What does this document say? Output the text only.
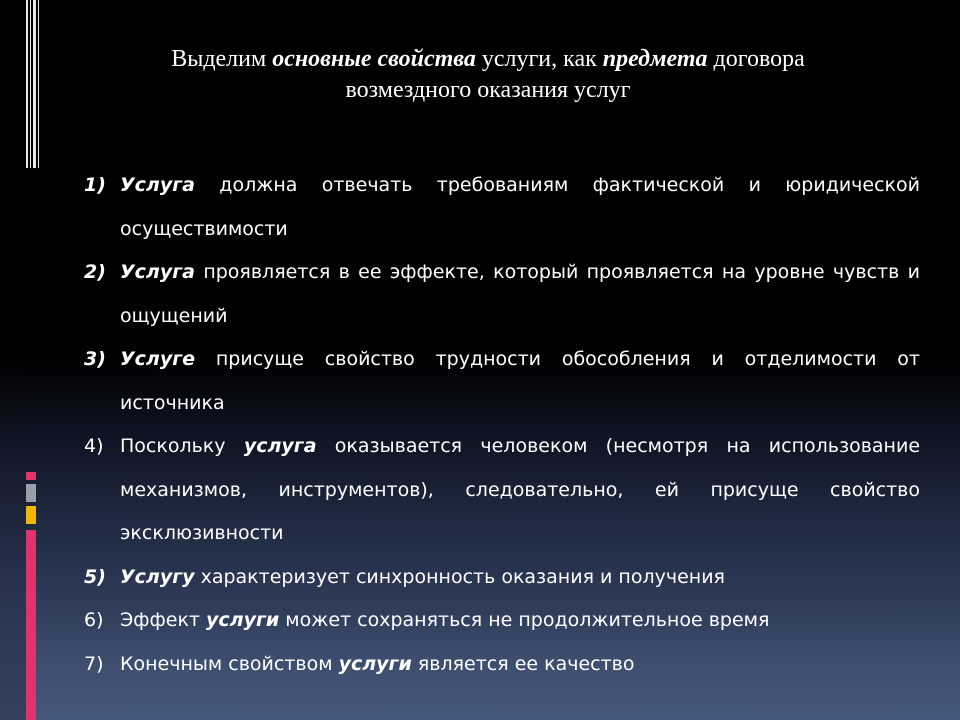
Выделим основные свойства услуги, как предмета договора
возмездного оказания услуг
1) Услуга должна отвечать требованиям фактической и юридической осуществимости
2) Услуга проявляется в ее эффекте, который проявляется на уровне чувств и ощущений
3) Услуге присуще свойство трудности обособления и отделимости от источника
4) Поскольку услуга оказывается человеком (несмотря на использование механизмов, инструментов), следовательно, ей присуще свойство эксклюзивности
5) Услугу характеризует синхронность оказания и получения
6) Эффект услуги может сохраняться не продолжительное время
7) Конечным свойством услуги является ее качество
